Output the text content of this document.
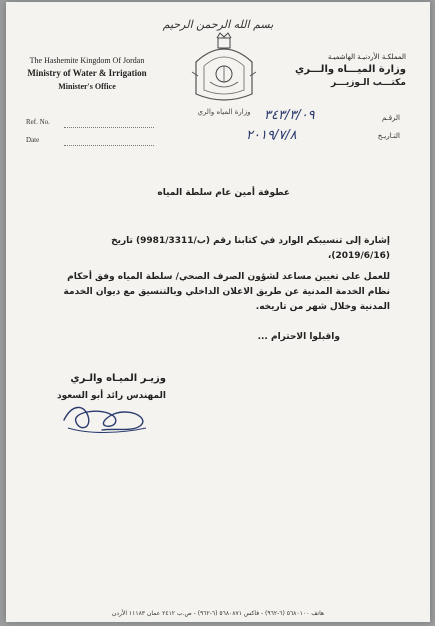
بسم الله الرحمن الرحيم
وزارة المياه والري
The Hashemite Kingdom Of Jordan
Ministry of Water & Irrigation
Minister's Office
المملكـة الأردنيـة الهاشميـة
وزارة الميـــاه والـــري
مكتـــب الـوزيـــر
Ref. No.
Date
الرقـم
التـاريـخ
٣٤٣/٣/٠٩
٢٠١٩/٧/٨
عطوفة أمين عام سلطة المياه

إشارة إلى تنسيبكم الوارد في كتابنا رقم (ب/9981/3311) تاريخ (2019/6/16)،

للعمل على تعيين مساعد لشؤون الصرف الصحي/ سلطة المياه وفق أحكام نظام الخدمة المدنية عن طريق الاعلان الداخلي وبالتنسيق مع ديوان الخدمة المدنية وخلال شهر من تاريخه.

واقبلوا الاحترام ...
وزيـر الميـاه والـري
المهندس رائد أبو السعود
هاتف ٥٦٨٠١٠٠ (٦-٩٦٢) - فاكس ٥٦٨٠٨٧١ (٦-٩٦٢) - ص.ب ٢٤١٢ عمان ١١١٨٣ الأردن
